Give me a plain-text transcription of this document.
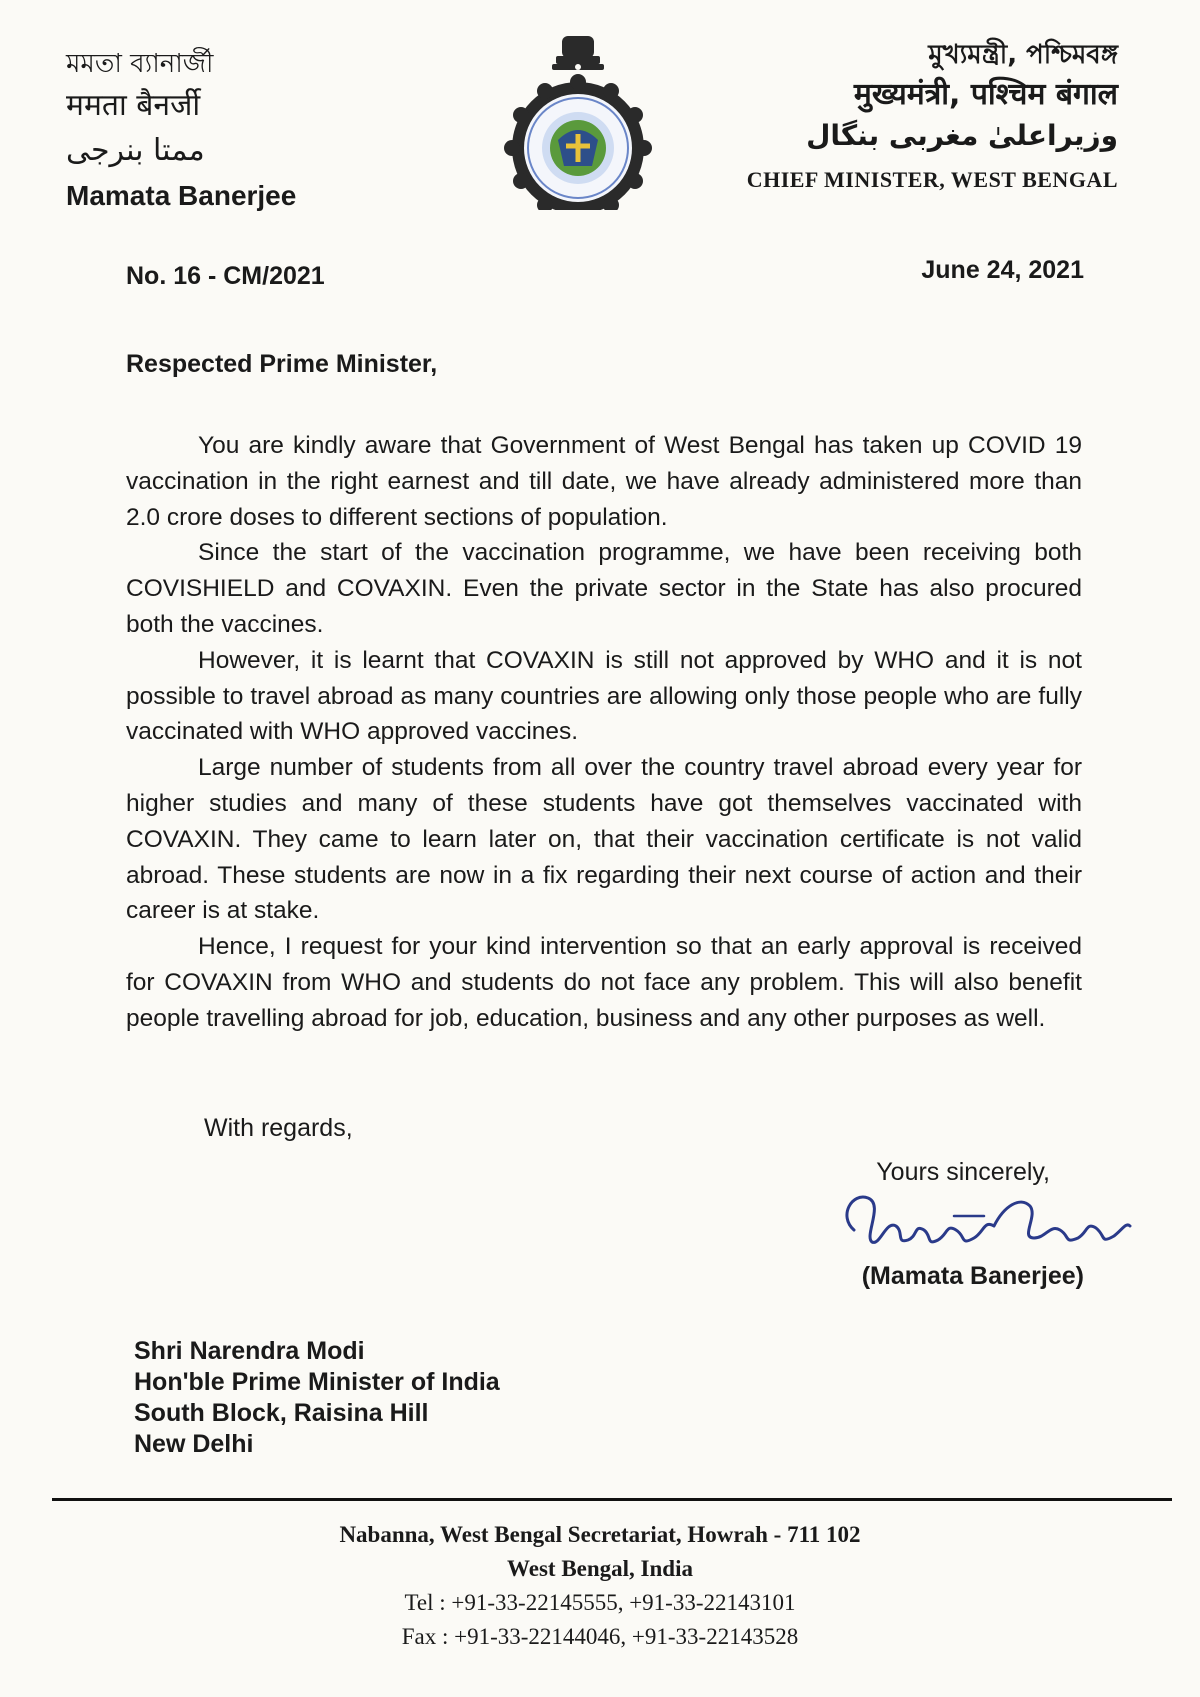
মমতা ব্যানার্জী
ममता बैनर्जी
ممتا بنرجی
Mamata Banerjee
মুখ্যমন্ত্রী, পশ্চিমবঙ্গ
मुख्यमंत्री, पश्चिम बंगाल
وزیراعلیٰ مغربی بنگال
CHIEF MINISTER, WEST BENGAL
No. 16 - CM/2021	June 24, 2021
Respected Prime Minister,

You are kindly aware that Government of West Bengal has taken up COVID 19 vaccination in the right earnest and till date, we have already administered more than 2.0 crore doses to different sections of population.

Since the start of the vaccination programme, we have been receiving both COVISHIELD and COVAXIN. Even the private sector in the State has also procured both the vaccines.

However, it is learnt that COVAXIN is still not approved by WHO and it is not possible to travel abroad as many countries are allowing only those people who are fully vaccinated with WHO approved vaccines.

Large number of students from all over the country travel abroad every year for higher studies and many of these students have got themselves vaccinated with COVAXIN. They came to learn later on, that their vaccination certificate is not valid abroad. These students are now in a fix regarding their next course of action and their career is at stake.

Hence, I request for your kind intervention so that an early approval is received for COVAXIN from WHO and students do not face any problem. This will also benefit people travelling abroad for job, education, business and any other purposes as well.

With regards,
Yours sincerely,
(Mamata Banerjee)
Shri Narendra Modi
Hon'ble Prime Minister of India
South Block, Raisina Hill
New Delhi
Nabanna, West Bengal Secretariat, Howrah - 711 102
West Bengal, India
Tel : +91-33-22145555, +91-33-22143101
Fax : +91-33-22144046, +91-33-22143528
